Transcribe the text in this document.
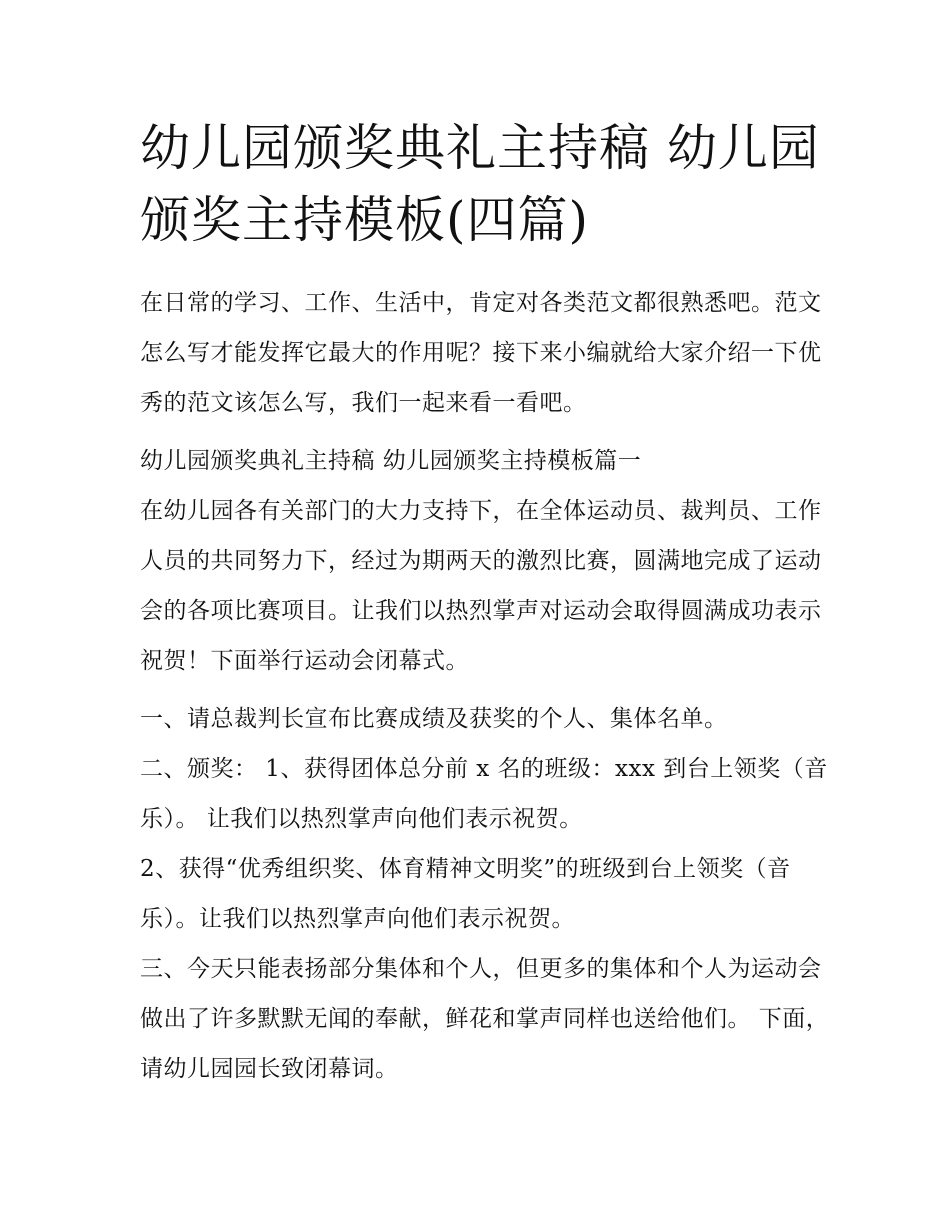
幼儿园颁奖典礼主持稿 幼儿园颁奖主持模板(四篇)

在日常的学习、工作、生活中，肯定对各类范文都很熟悉吧。范文怎么写才能发挥它最大的作用呢？接下来小编就给大家介绍一下优秀的范文该怎么写，我们一起来看一看吧。

幼儿园颁奖典礼主持稿 幼儿园颁奖主持模板篇一

在幼儿园各有关部门的大力支持下，在全体运动员、裁判员、工作人员的共同努力下，经过为期两天的激烈比赛，圆满地完成了运动会的各项比赛项目。让我们以热烈掌声对运动会取得圆满成功表示祝贺！下面举行运动会闭幕式。

一、请总裁判长宣布比赛成绩及获奖的个人、集体名单。

二、颁奖： 1、获得团体总分前 x 名的班级：xxx 到台上领奖（音乐）。 让我们以热烈掌声向他们表示祝贺。

2、获得“优秀组织奖、体育精神文明奖”的班级到台上领奖（音乐）。让我们以热烈掌声向他们表示祝贺。

三、今天只能表扬部分集体和个人，但更多的集体和个人为运动会做出了许多默默无闻的奉献，鲜花和掌声同样也送给他们。 下面，请幼儿园园长致闭幕词。
